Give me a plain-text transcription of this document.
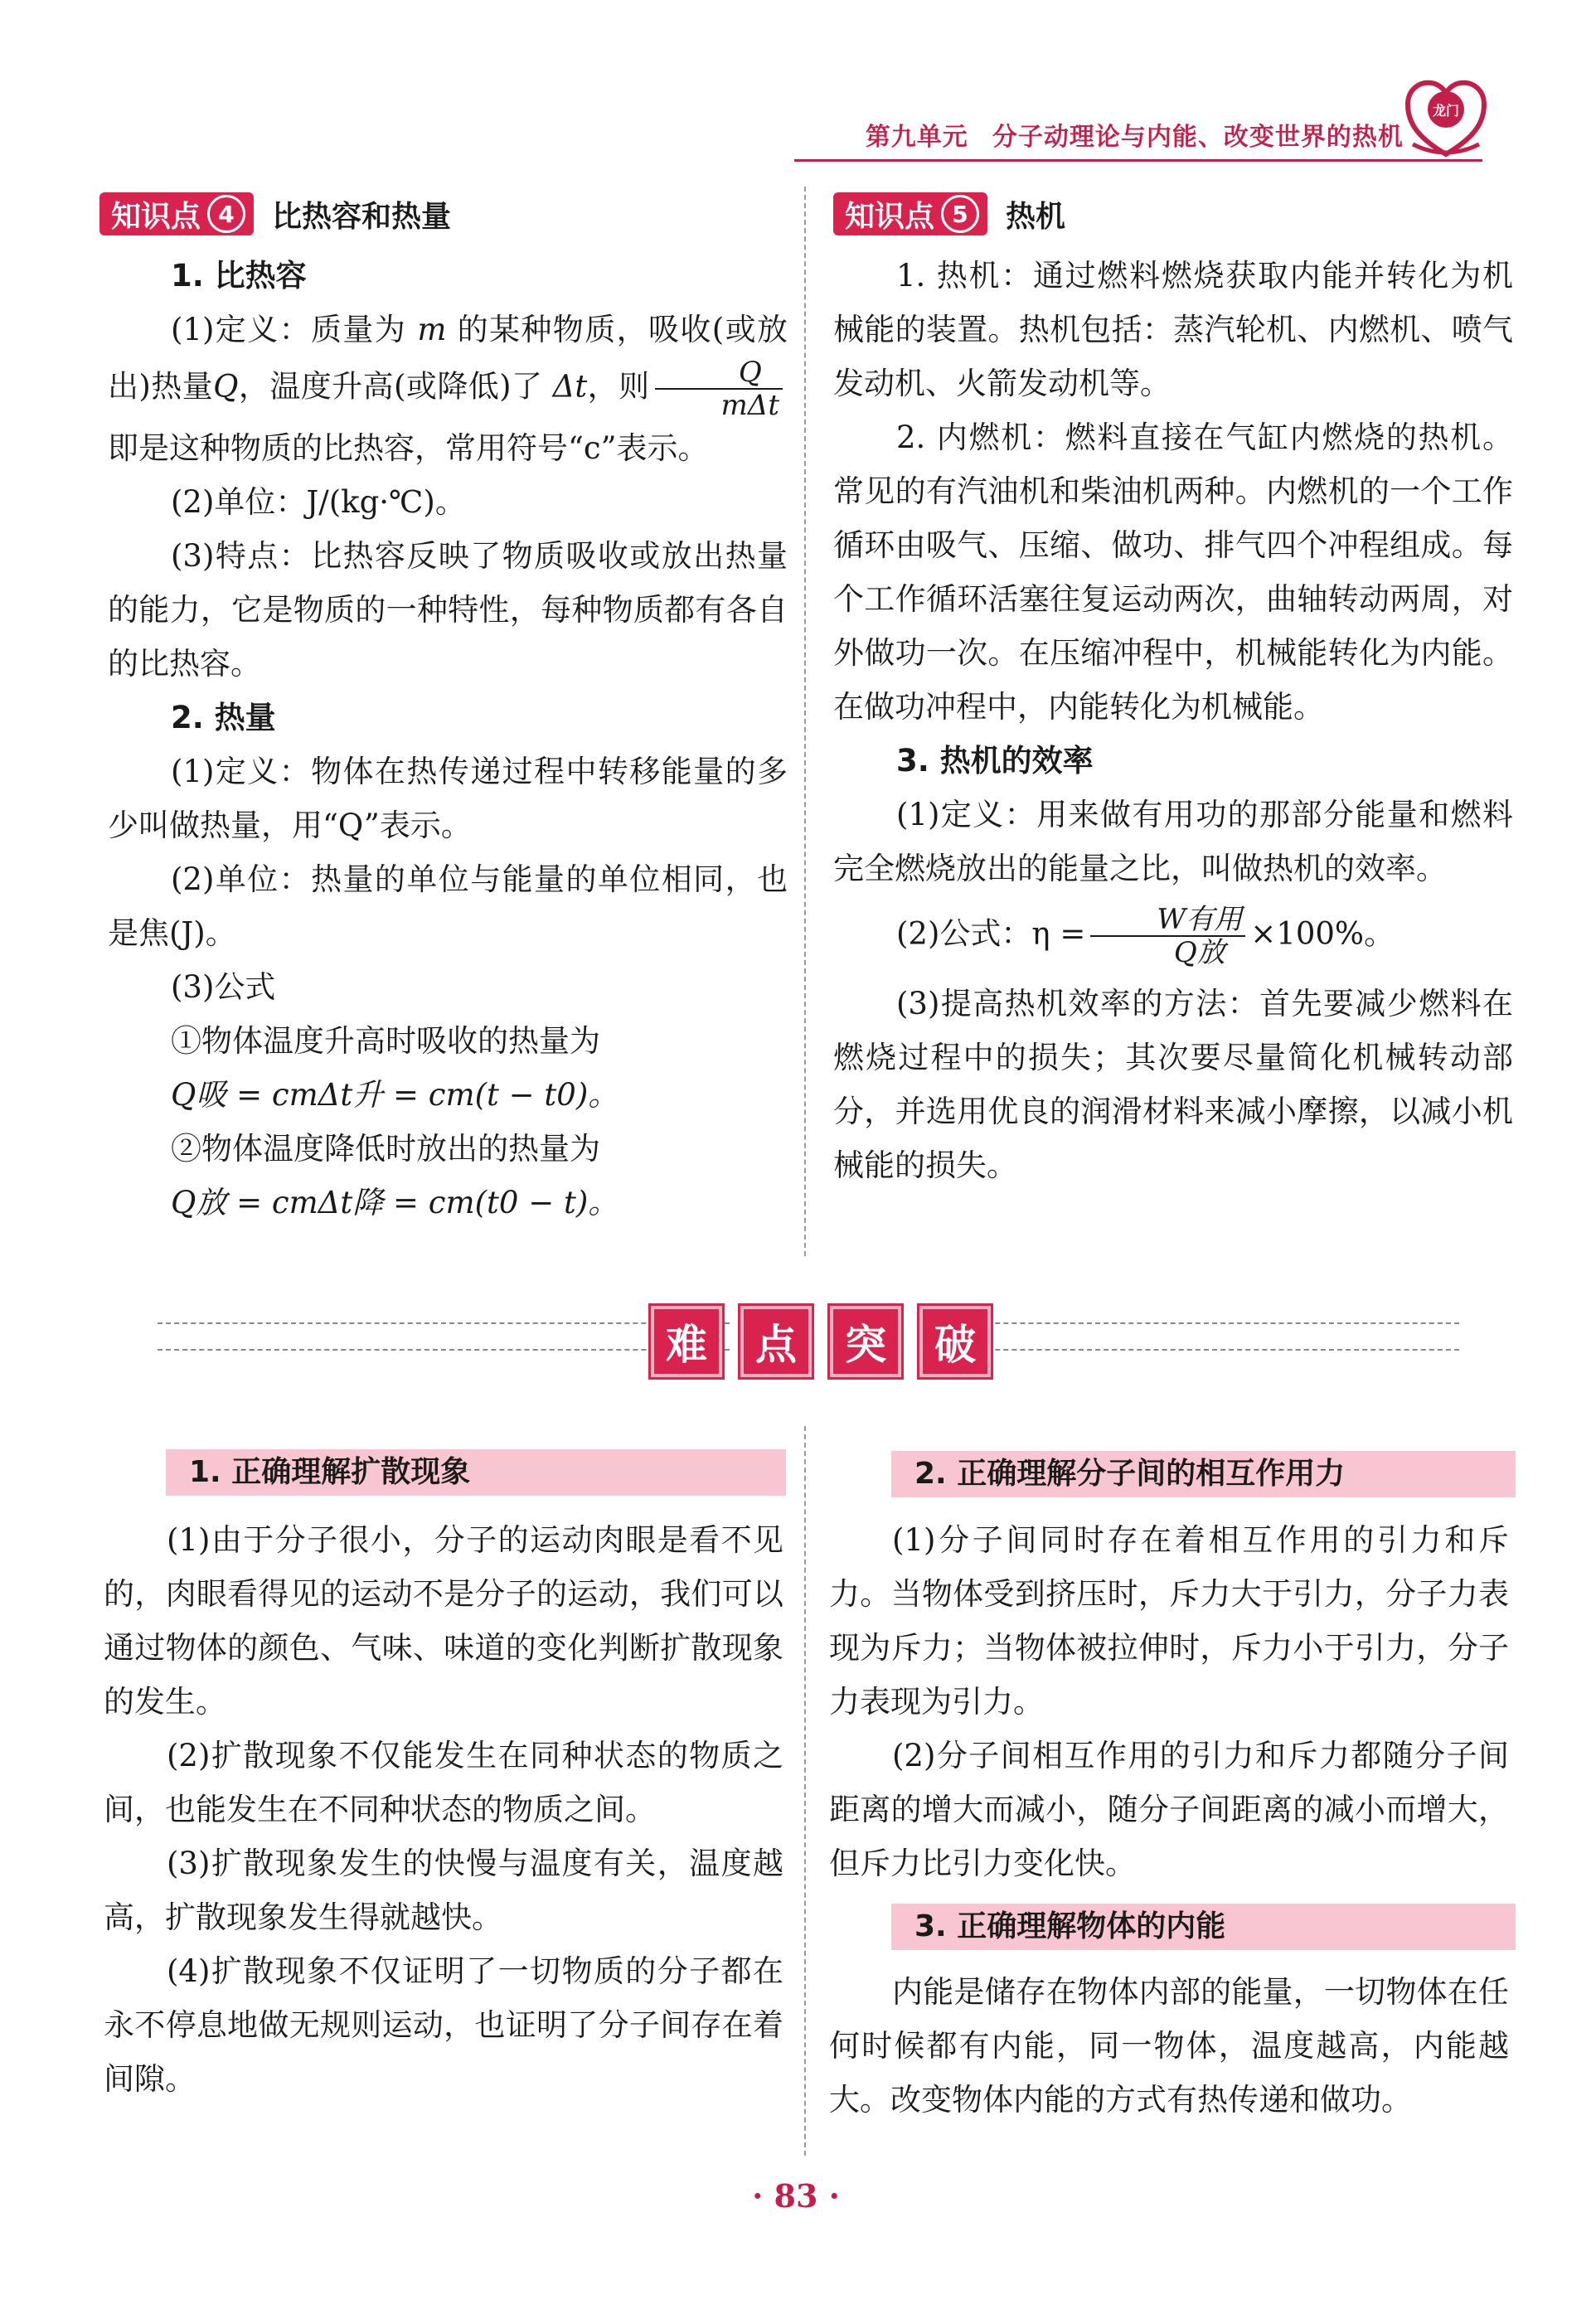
第九单元 分子动理论与内能、改变世界的热机
龙门
知识点 4	比热容和热量

1. 比热容

(1)定义：质量为 m 的某种物质，吸收(或放出)热量Q，温度升高(或降低)了 Δt，则 $\frac{Q}{\text{mΔt}}$
即是这种物质的比热容，常用符号“c”表示。

(2)单位：J/(kg·℃)。

(3)特点：比热容反映了物质吸收或放出热量的能力，它是物质的一种特性，每种物质都有各自的比热容。

2. 热量

(1)定义：物体在热传递过程中转移能量的多少叫做热量，用“Q”表示。

(2)单位：热量的单位与能量的单位相同，也是焦(J)。

(3)公式

①物体温度升高时吸收的热量为

Q吸 = cmΔt升 = cm(t − t0)。

②物体温度降低时放出的热量为

Q放 = cmΔt降 = cm(t0 − t)。

知识点 5	热机

1. 热机：通过燃料燃烧获取内能并转化为机械能的装置。热机包括：蒸汽轮机、内燃机、喷气发动机、火箭发动机等。

2. 内燃机：燃料直接在气缸内燃烧的热机。常见的有汽油机和柴油机两种。内燃机的一个工作循环由吸气、压缩、做功、排气四个冲程组成。每个工作循环活塞往复运动两次，曲轴转动两周，对外做功一次。在压缩冲程中，机械能转化为内能。在做功冲程中，内能转化为机械能。

3. 热机的效率

(1)定义：用来做有用功的那部分能量和燃料完全燃烧放出的能量之比，叫做热机的效率。

(2)公式：$\eta = \frac{\text{W有用}}{\text{Q放}} \times 100\%$。

(3)提高热机效率的方法：首先要减少燃料在燃烧过程中的损失；其次要尽量简化机械转动部分，并选用优良的润滑材料来减小摩擦，以减小机械能的损失。

难	点	突	破
1. 正确理解扩散现象

(1)由于分子很小，分子的运动肉眼是看不见的，肉眼看得见的运动不是分子的运动，我们可以通过物体的颜色、气味、味道的变化判断扩散现象的发生。

(2)扩散现象不仅能发生在同种状态的物质之间，也能发生在不同种状态的物质之间。

(3)扩散现象发生的快慢与温度有关，温度越高，扩散现象发生得就越快。

(4)扩散现象不仅证明了一切物质的分子都在永不停息地做无规则运动，也证明了分子间存在着间隙。

2. 正确理解分子间的相互作用力

(1)分子间同时存在着相互作用的引力和斥力。当物体受到挤压时，斥力大于引力，分子力表现为斥力；当物体被拉伸时，斥力小于引力，分子力表现为引力。

(2)分子间相互作用的引力和斥力都随分子间距离的增大而减小，随分子间距离的减小而增大，但斥力比引力变化快。

3. 正确理解物体的内能

内能是储存在物体内部的能量，一切物体在任何时候都有内能，同一物体，温度越高，内能越大。改变物体内能的方式有热传递和做功。

· 83 ·
